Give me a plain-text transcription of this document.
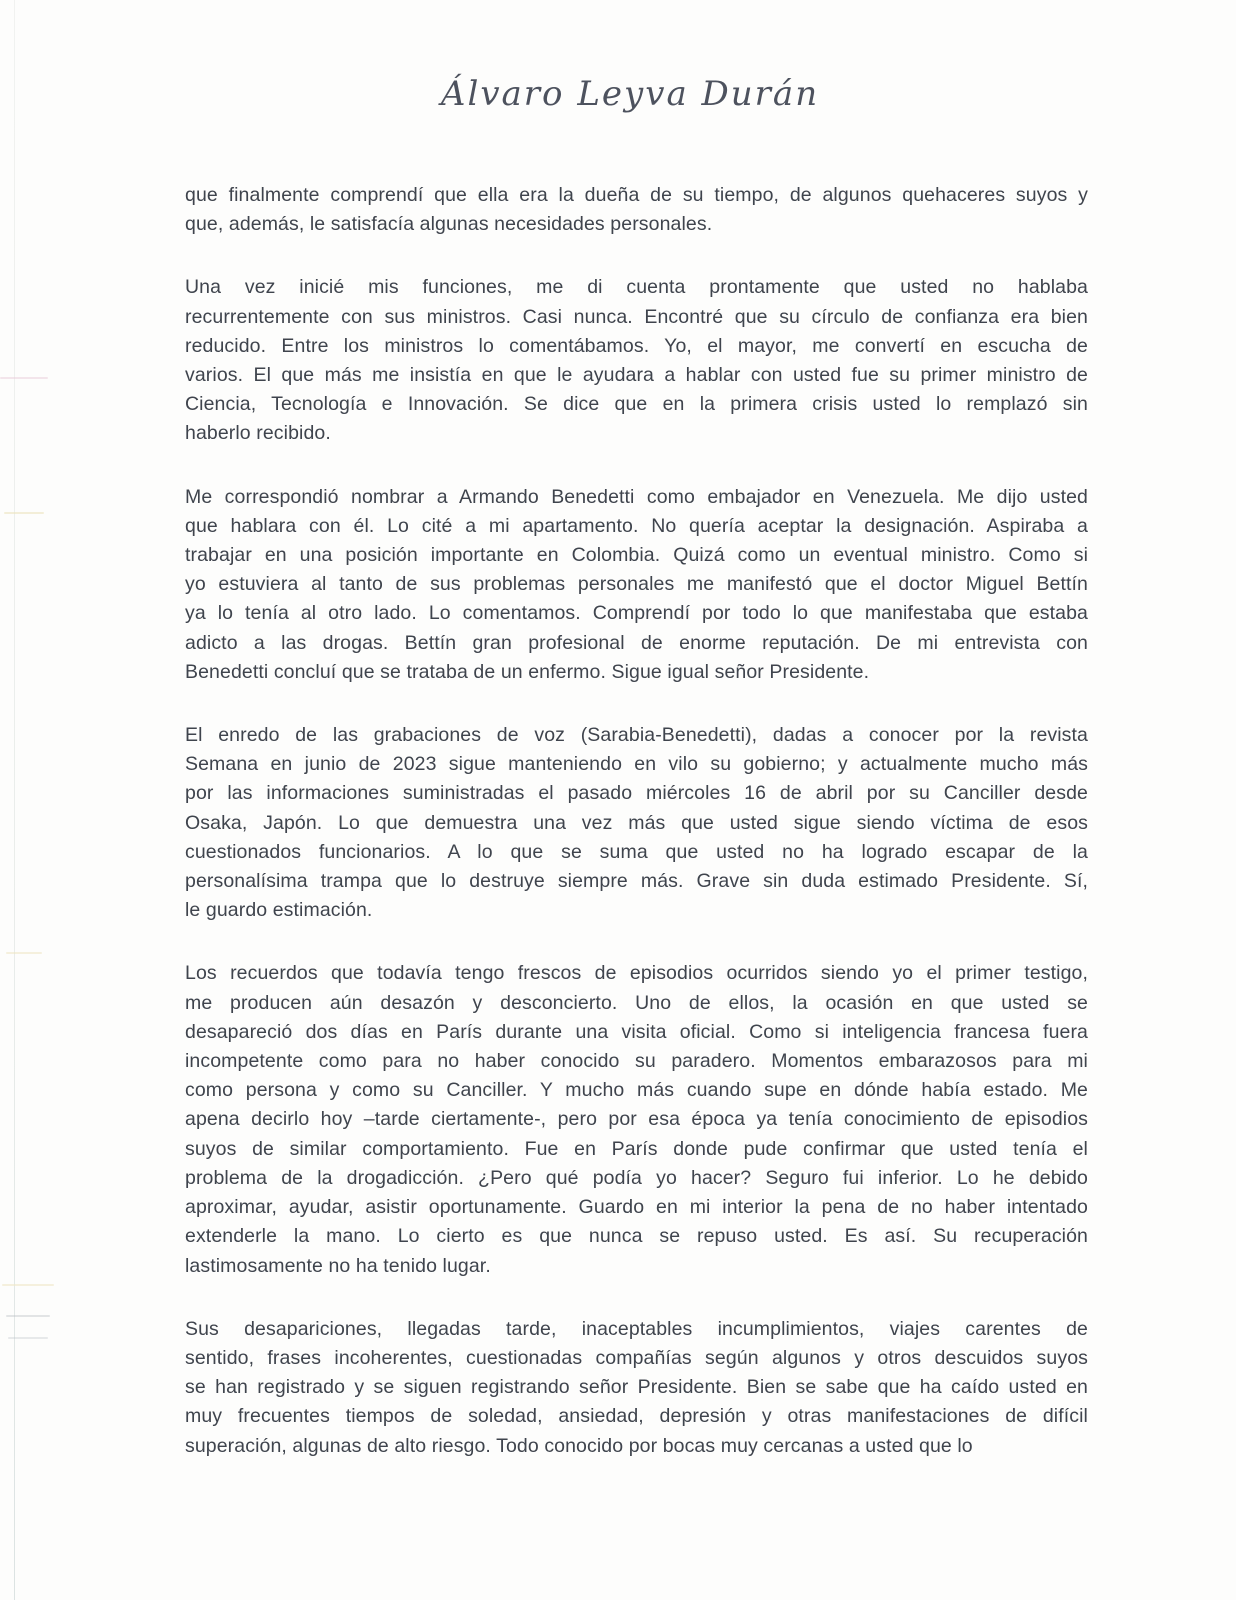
Álvaro Leyva Durán
que finalmente comprendí que ella era la dueña de su tiempo, de algunos quehaceres suyos y
que, además, le satisfacía algunas necesidades personales.
Una vez inicié mis funciones, me di cuenta prontamente que usted no hablaba
recurrentemente con sus ministros. Casi nunca. Encontré que su círculo de confianza era bien
reducido. Entre los ministros lo comentábamos. Yo, el mayor, me convertí en escucha de
varios. El que más me insistía en que le ayudara a hablar con usted fue su primer ministro de
Ciencia, Tecnología e Innovación. Se dice que en la primera crisis usted lo remplazó sin
haberlo recibido.
Me correspondió nombrar a Armando Benedetti como embajador en Venezuela. Me dijo usted
que hablara con él. Lo cité a mi apartamento. No quería aceptar la designación. Aspiraba a
trabajar en una posición importante en Colombia. Quizá como un eventual ministro. Como si
yo estuviera al tanto de sus problemas personales me manifestó que el doctor Miguel Bettín
ya lo tenía al otro lado. Lo comentamos. Comprendí por todo lo que manifestaba que estaba
adicto a las drogas. Bettín gran profesional de enorme reputación. De mi entrevista con
Benedetti concluí que se trataba de un enfermo. Sigue igual señor Presidente.
El enredo de las grabaciones de voz (Sarabia-Benedetti), dadas a conocer por la revista
Semana en junio de 2023 sigue manteniendo en vilo su gobierno; y actualmente mucho más
por las informaciones suministradas el pasado miércoles 16 de abril por su Canciller desde
Osaka, Japón. Lo que demuestra una vez más que usted sigue siendo víctima de esos
cuestionados funcionarios. A lo que se suma que usted no ha logrado escapar de la
personalísima trampa que lo destruye siempre más. Grave sin duda estimado Presidente. Sí,
le guardo estimación.
Los recuerdos que todavía tengo frescos de episodios ocurridos siendo yo el primer testigo,
me producen aún desazón y desconcierto. Uno de ellos, la ocasión en que usted se
desapareció dos días en París durante una visita oficial. Como si inteligencia francesa fuera
incompetente como para no haber conocido su paradero. Momentos embarazosos para mi
como persona y como su Canciller. Y mucho más cuando supe en dónde había estado. Me
apena decirlo hoy –tarde ciertamente-, pero por esa época ya tenía conocimiento de episodios
suyos de similar comportamiento. Fue en París donde pude confirmar que usted tenía el
problema de la drogadicción. ¿Pero qué podía yo hacer? Seguro fui inferior. Lo he debido
aproximar, ayudar, asistir oportunamente. Guardo en mi interior la pena de no haber intentado
extenderle la mano. Lo cierto es que nunca se repuso usted. Es así. Su recuperación
lastimosamente no ha tenido lugar.
Sus desapariciones, llegadas tarde, inaceptables incumplimientos, viajes carentes de
sentido, frases incoherentes, cuestionadas compañías según algunos y otros descuidos suyos
se han registrado y se siguen registrando señor Presidente. Bien se sabe que ha caído usted en
muy frecuentes tiempos de soledad, ansiedad, depresión y otras manifestaciones de difícil
superación, algunas de alto riesgo. Todo conocido por bocas muy cercanas a usted que lo
